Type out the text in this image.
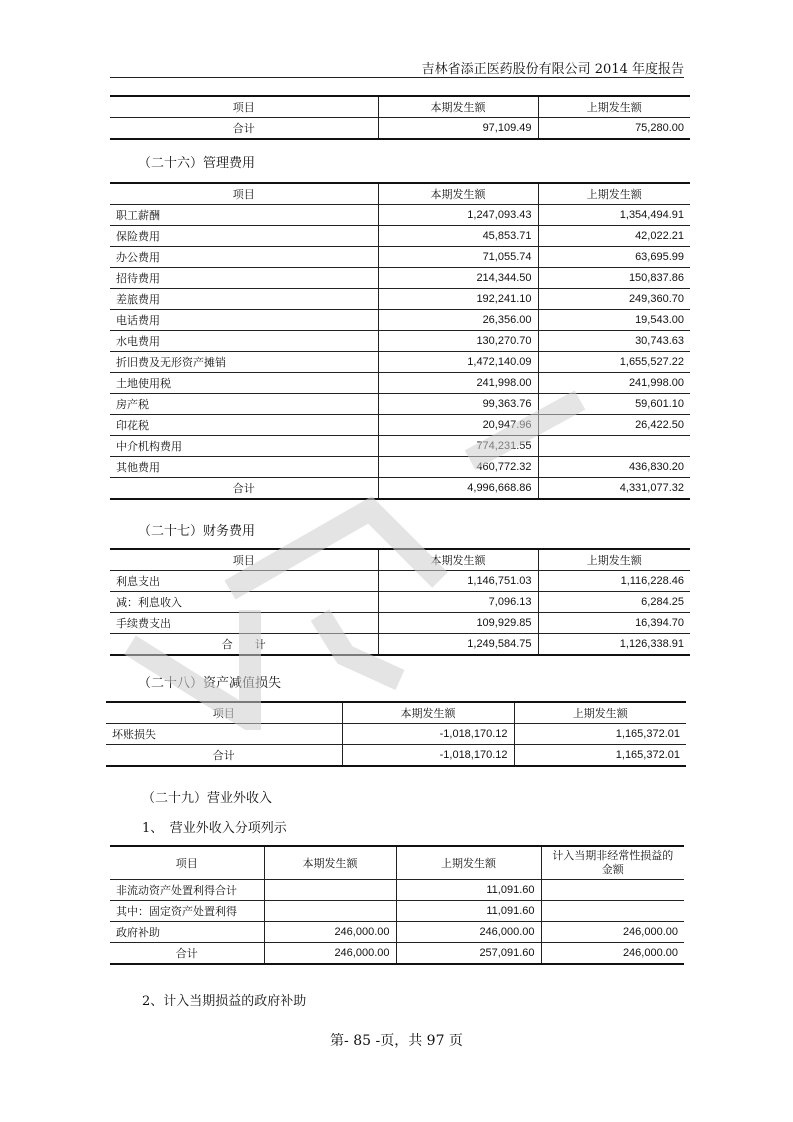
吉林省添正医药股份有限公司 2014 年度报告
项目	本期发生额	上期发生额
合计	97,109.49	75,280.00
（二十六）管理费用
项目	本期发生额	上期发生额
职工薪酬	1,247,093.43	1,354,494.91
保险费用	45,853.71	42,022.21
办公费用	71,055.74	63,695.99
招待费用	214,344.50	150,837.86
差旅费用	192,241.10	249,360.70
电话费用	26,356.00	19,543.00
水电费用	130,270.70	30,743.63
折旧费及无形资产摊销	1,472,140.09	1,655,527.22
土地使用税	241,998.00	241,998.00
房产税	99,363.76	59,601.10
印花税	20,947.96	26,422.50
中介机构费用	774,231.55	
其他费用	460,772.32	436,830.20
合计	4,996,668.86	4,331,077.32
（二十七）财务费用
项目	本期发生额	上期发生额
利息支出	1,146,751.03	1,116,228.46
减：利息收入	7,096.13	6,284.25
手续费支出	109,929.85	16,394.70
合　　计	1,249,584.75	1,126,338.91
（二十八）资产减值损失
项目	本期发生额	上期发生额
坏账损失	-1,018,170.12	1,165,372.01
合计	-1,018,170.12	1,165,372.01
（二十九）营业外收入
1、　营业外收入分项列示
项目	本期发生额	上期发生额	计入当期非经常性损益的金额
非流动资产处置利得合计		11,091.60	
其中：固定资产处置利得		11,091.60	
政府补助	246,000.00	246,000.00	246,000.00
合计	246,000.00	257,091.60	246,000.00
2、计入当期损益的政府补助
第- 85 -页，共 97 页
